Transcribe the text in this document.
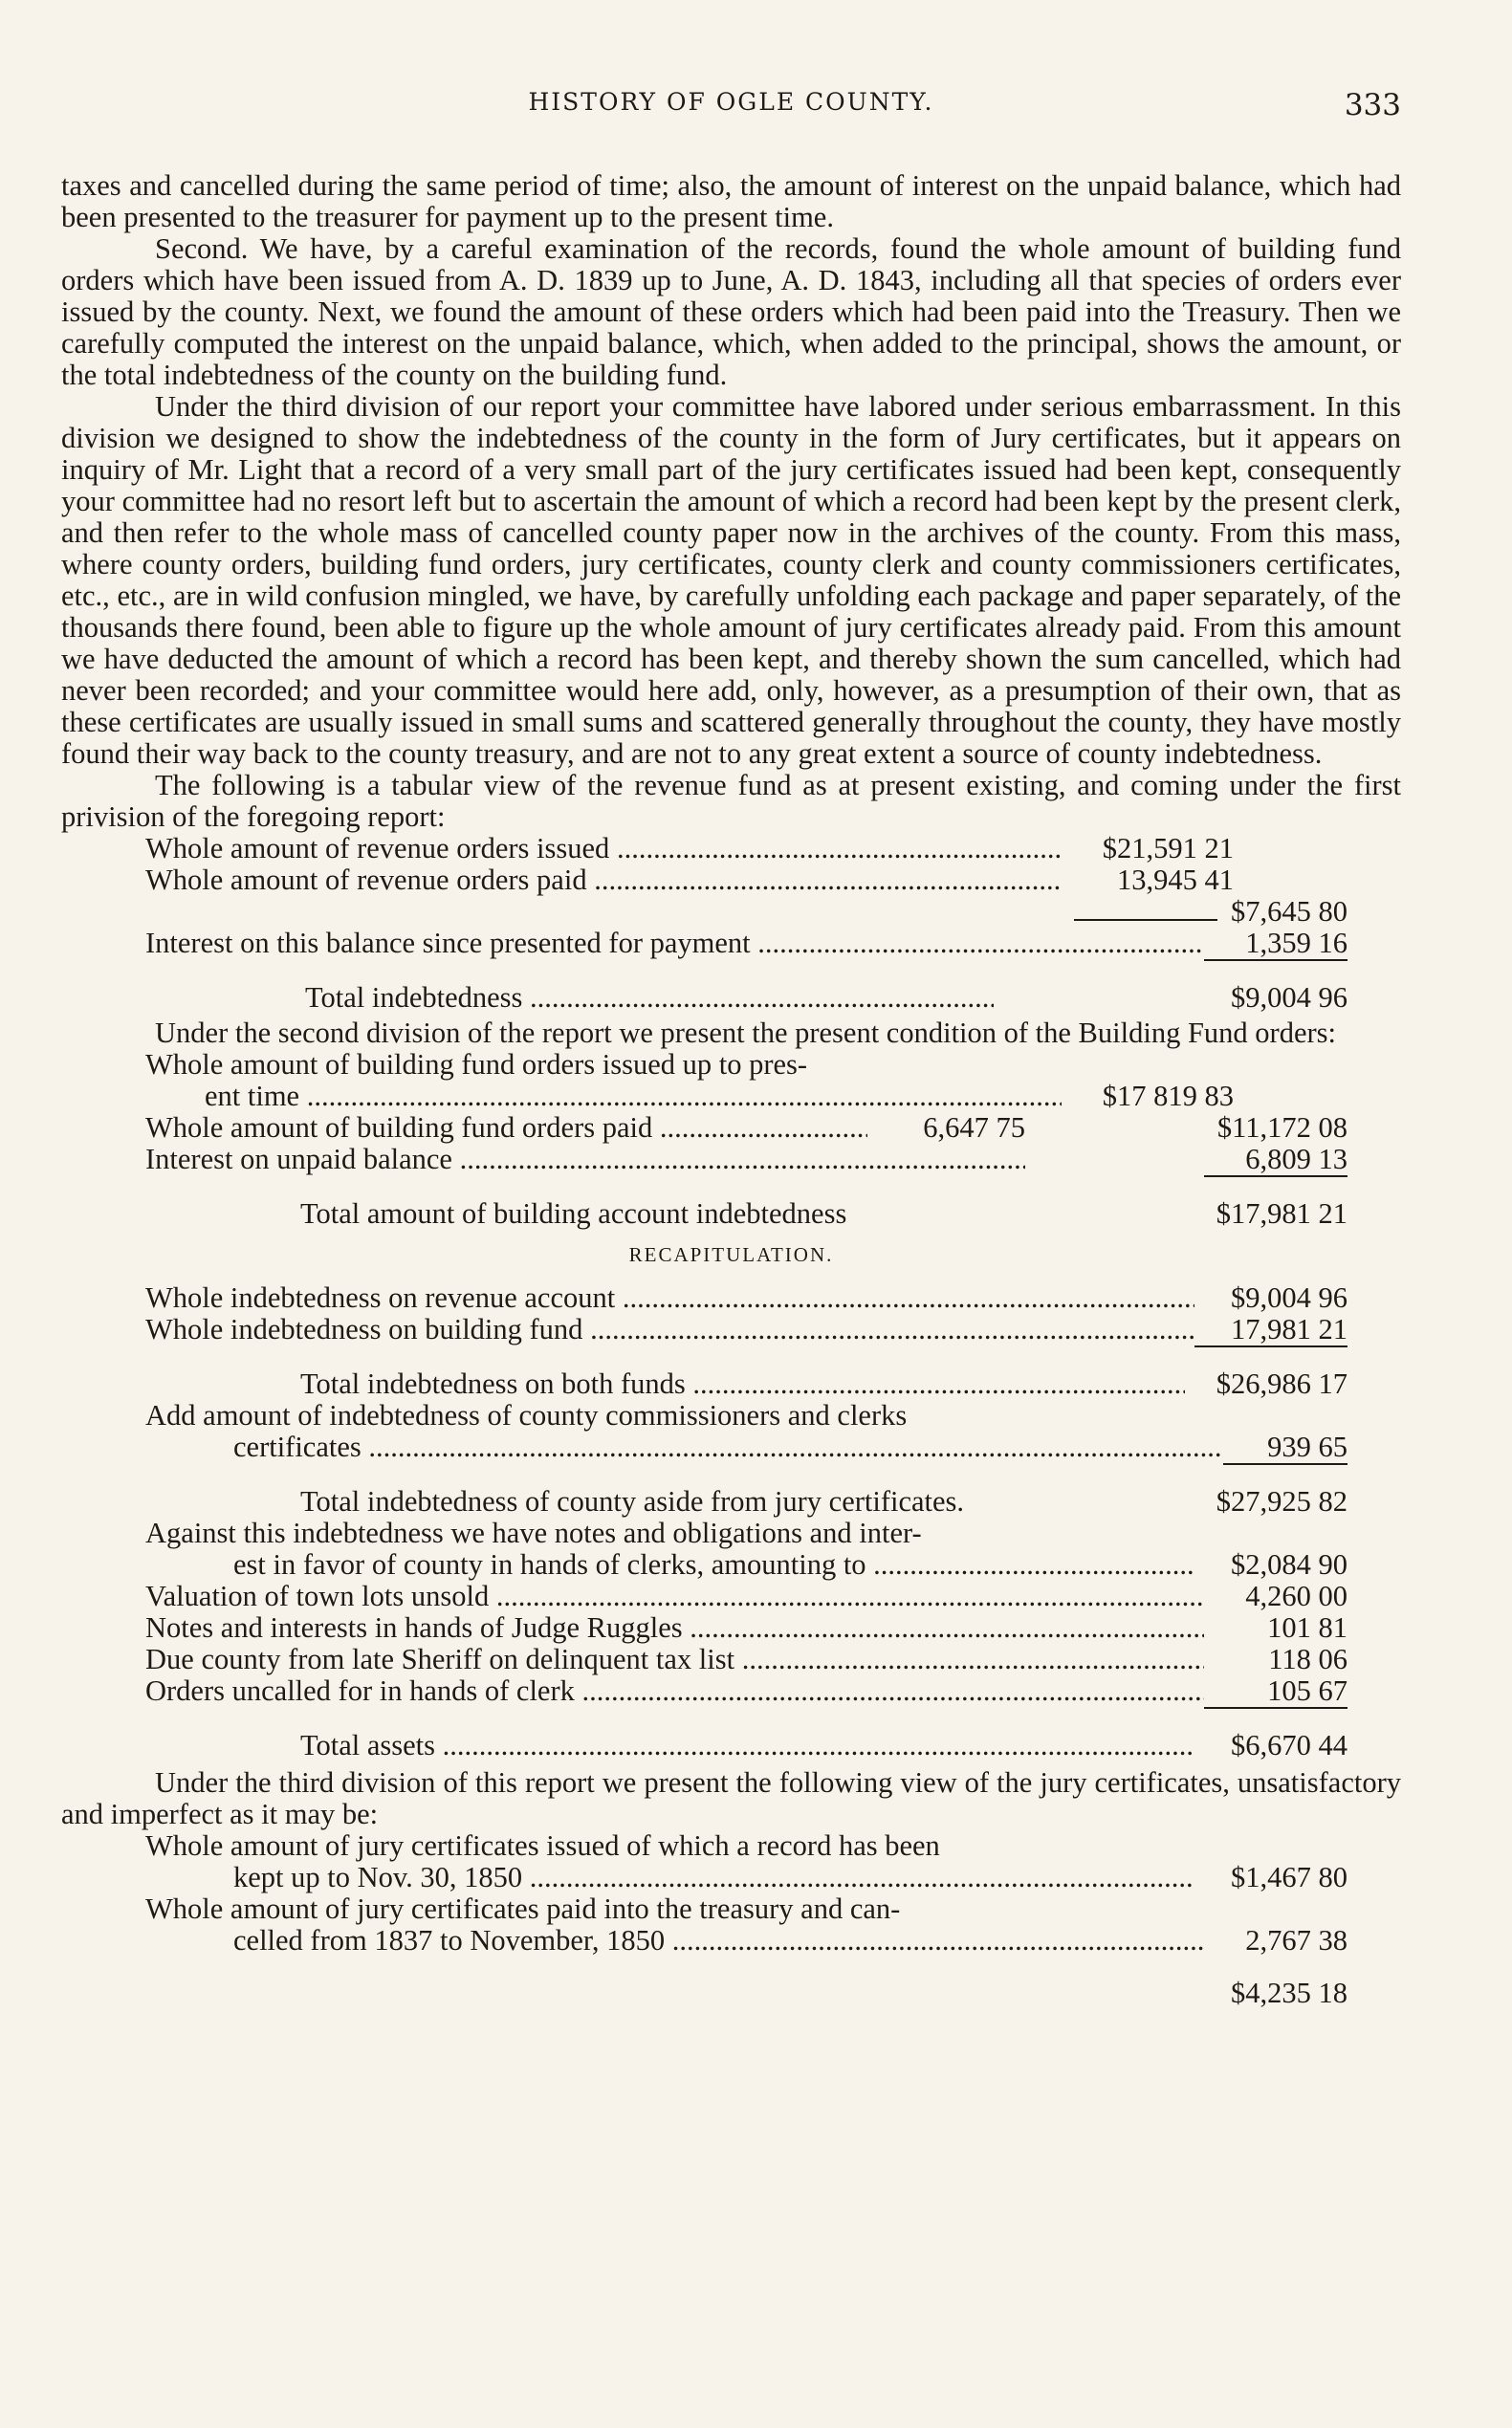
HISTORY OF OGLE COUNTY.	333

taxes and cancelled during the same period of time; also, the amount of interest on the unpaid balance, which had been presented to the treasurer for payment up to the present time.

Second. We have, by a careful examination of the records, found the whole amount of building fund orders which have been issued from A. D. 1839 up to June, A. D. 1843, including all that species of orders ever issued by the county. Next, we found the amount of these orders which had been paid into the Treasury. Then we carefully computed the interest on the unpaid balance, which, when added to the principal, shows the amount, or the total indebtedness of the county on the building fund.

Under the third division of our report your committee have labored under serious embarrassment. In this division we designed to show the indebtedness of the county in the form of Jury certificates, but it appears on inquiry of Mr. Light that a record of a very small part of the jury certificates issued had been kept, consequently your committee had no resort left but to ascertain the amount of which a record had been kept by the present clerk, and then refer to the whole mass of cancelled county paper now in the archives of the county. From this mass, where county orders, building fund orders, jury certificates, county clerk and county commissioners certificates, etc., etc., are in wild confusion mingled, we have, by carefully unfolding each package and paper separately, of the thousands there found, been able to figure up the whole amount of jury certificates already paid. From this amount we have deducted the amount of which a record has been kept, and thereby shown the sum cancelled, which had never been recorded; and your committee would here add, only, however, as a presumption of their own, that as these certificates are usually issued in small sums and scattered generally throughout the county, they have mostly found their way back to the county treasury, and are not to any great extent a source of county indebtedness.

The following is a tabular view of the revenue fund as at present existing, and coming under the first privision of the foregoing report:

Whole amount of revenue orders issued .....	$21,591 21
Whole amount of revenue orders paid .....	13,945 41
$7,645 80
Interest on this balance since presented for payment .....	1,359 16
Total indebtedness .....	$9,004 96

Under the second division of the report we present the present condition of the Building Fund orders:

Whole amount of building fund orders issued up to pres-
ent time .....	$17 819 83
Whole amount of building fund orders paid .....	6,647 75	$11,172 08
Interest on unpaid balance .....	6,809 13
Total amount of building account indebtedness	$17,981 21
RECAPITULATION.
Whole indebtedness on revenue account .....	$9,004 96
Whole indebtedness on building fund .....	17,981 21
Total indebtedness on both funds .....	$26,986 17
Add amount of indebtedness of county commissioners and clerks
certificates .....	939 65
Total indebtedness of county aside from jury certificates.	$27,925 82
Against this indebtedness we have notes and obligations and inter-
est in favor of county in hands of clerks, amounting to .....	$2,084 90
Valuation of town lots unsold .....	4,260 00
Notes and interests in hands of Judge Ruggles .....	101 81
Due county from late Sheriff on delinquent tax list .....	118 06
Orders uncalled for in hands of clerk .....	105 67
Total assets .....	$6,670 44

Under the third division of this report we present the following view of the jury certificates, unsatisfactory and imperfect as it may be:

Whole amount of jury certificates issued of which a record has been
kept up to Nov. 30, 1850 .....	$1,467 80
Whole amount of jury certificates paid into the treasury and can-
celled from 1837 to November, 1850 .....	2,767 38
$4,235 18
